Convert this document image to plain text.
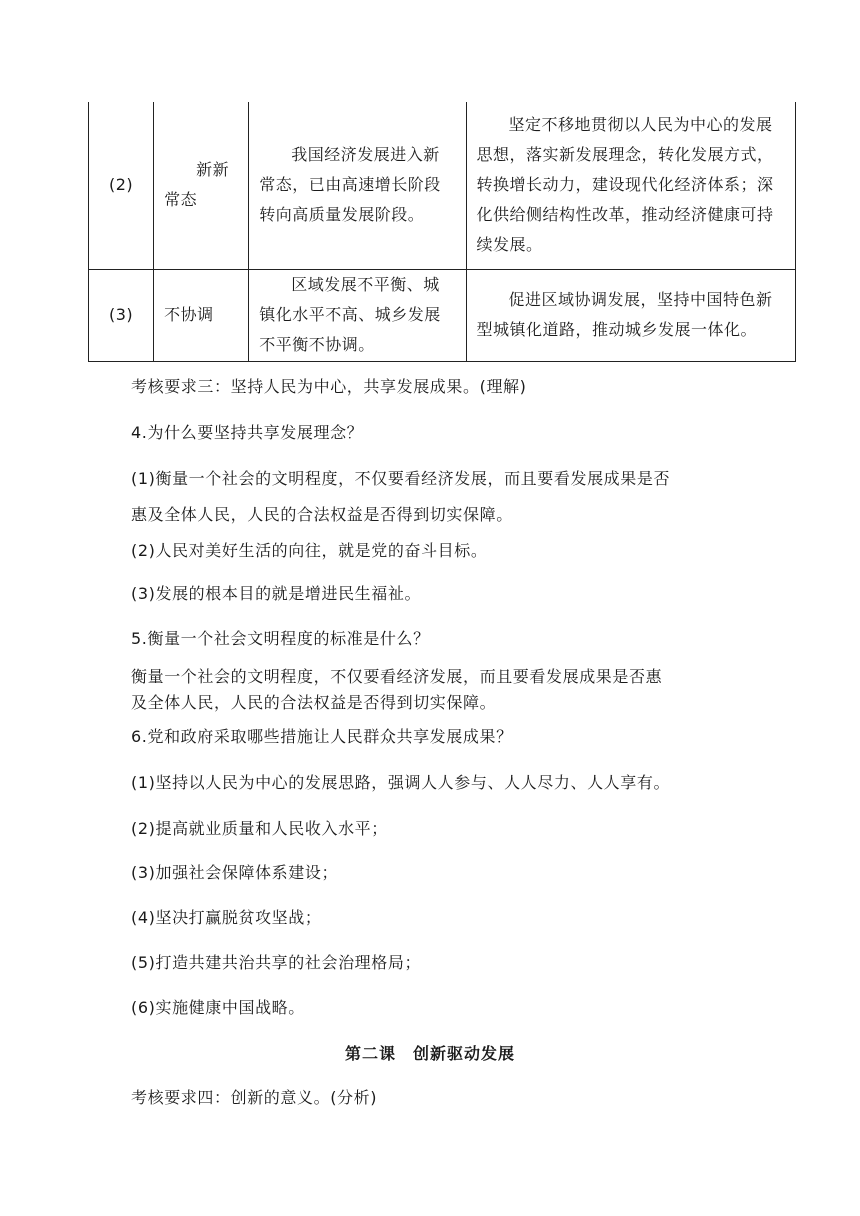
(2)	新新常态	我国经济发展进入新常态，已由高速增长阶段转向高质量发展阶段。	坚定不移地贯彻以人民为中心的发展思想，落实新发展理念，转化发展方式，转换增长动力，建设现代化经济体系；深化供给侧结构性改革，推动经济健康可持续发展。
(3)	不协调	区域发展不平衡、城镇化水平不高、城乡发展不平衡不协调。	促进区域协调发展，坚持中国特色新型城镇化道路，推动城乡发展一体化。
考核要求三：坚持人民为中心，共享发展成果。(理解)
4.为什么要坚持共享发展理念？
(1)衡量一个社会的文明程度，不仅要看经济发展，而且要看发展成果是否
惠及全体人民，人民的合法权益是否得到切实保障。
(2)人民对美好生活的向往，就是党的奋斗目标。
(3)发展的根本目的就是增进民生福祉。
5.衡量一个社会文明程度的标准是什么？
衡量一个社会的文明程度，不仅要看经济发展，而且要看发展成果是否惠
及全体人民，人民的合法权益是否得到切实保障。
6.党和政府采取哪些措施让人民群众共享发展成果？
(1)坚持以人民为中心的发展思路，强调人人参与、人人尽力、人人享有。
(2)提高就业质量和人民收入水平；
(3)加强社会保障体系建设；
(4)坚决打赢脱贫攻坚战；
(5)打造共建共治共享的社会治理格局；
(6)实施健康中国战略。
第二课　创新驱动发展
考核要求四：创新的意义。(分析)
